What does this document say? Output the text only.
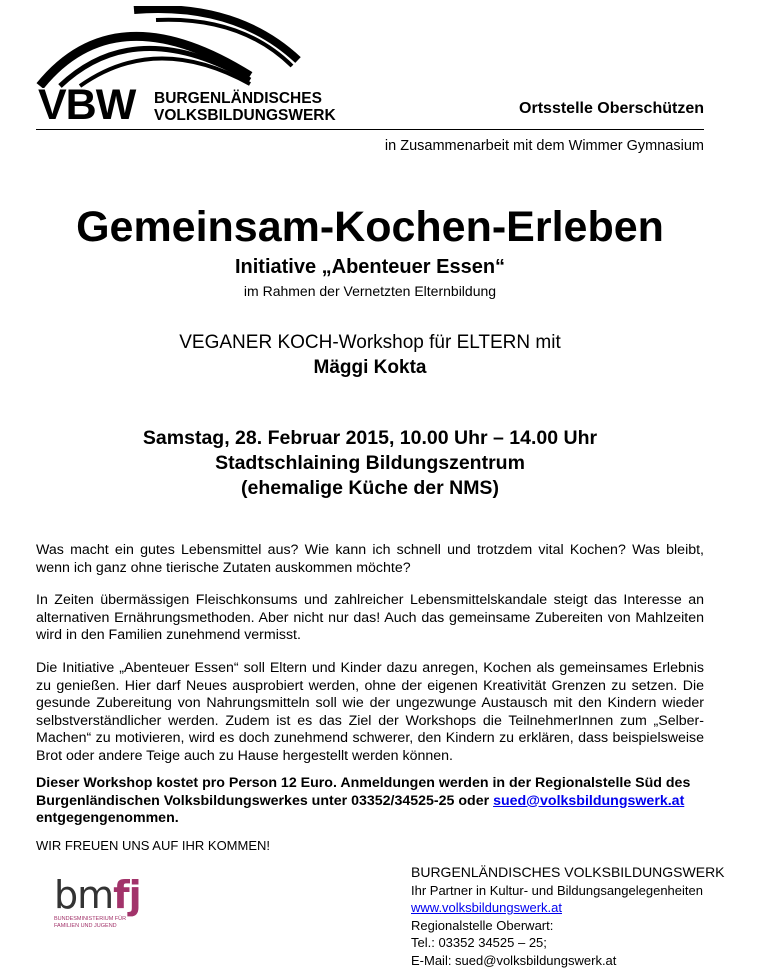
VBW BURGENLÄNDISCHES
VOLKSBILDUNGSWERK	Ortsstelle Oberschützen
in Zusammenarbeit mit dem Wimmer Gymnasium
Gemeinsam-Kochen-Erleben
Initiative „Abenteuer Essen“
im Rahmen der Vernetzten Elternbildung
VEGANER KOCH-Workshop für ELTERN mit
Mäggi Kokta
Samstag, 28. Februar 2015, 10.00 Uhr – 14.00 Uhr
Stadtschlaining Bildungszentrum
(ehemalige Küche der NMS)
Was macht ein gutes Lebensmittel aus? Wie kann ich schnell und trotzdem vital Kochen? Was bleibt, wenn ich ganz ohne tierische Zutaten auskommen möchte?
In Zeiten übermässigen Fleischkonsums und zahlreicher Lebensmittelskandale steigt das Interesse an alternativen Ernährungsmethoden. Aber nicht nur das! Auch das gemeinsame Zubereiten von Mahlzeiten wird in den Familien zunehmend vermisst.
Die Initiative „Abenteuer Essen“ soll Eltern und Kinder dazu anregen, Kochen als gemeinsames Erlebnis zu genießen. Hier darf Neues ausprobiert werden, ohne der eigenen Kreativität Grenzen zu setzen. Die gesunde Zubereitung von Nahrungsmitteln soll wie der ungezwunge Austausch mit den Kindern wieder selbstverständlicher werden. Zudem ist es das Ziel der Workshops die TeilnehmerInnen zum „Selber-Machen“ zu motivieren, wird es doch zunehmend schwerer, den Kindern zu erklären, dass beispielsweise Brot oder andere Teige auch zu Hause hergestellt werden können.
Dieser Workshop kostet pro Person 12 Euro. Anmeldungen werden in der Regionalstelle Süd des Burgenländischen Volksbildungswerkes unter 03352/34525-25 oder sued@volksbildungswerk.at entgegengenommen.
WIR FREUEN UNS AUF IHR KOMMEN!
bmfj
BUNDESMINISTERIUM FÜR
FAMILIEN UND JUGEND
BURGENLÄNDISCHES VOLKSBILDUNGSWERK
Ihr Partner in Kultur- und Bildungsangelegenheiten
www.volksbildungswerk.at
Regionalstelle Oberwart:
Tel.: 03352 34525 – 25;
E-Mail: sued@volksbildungswerk.at
